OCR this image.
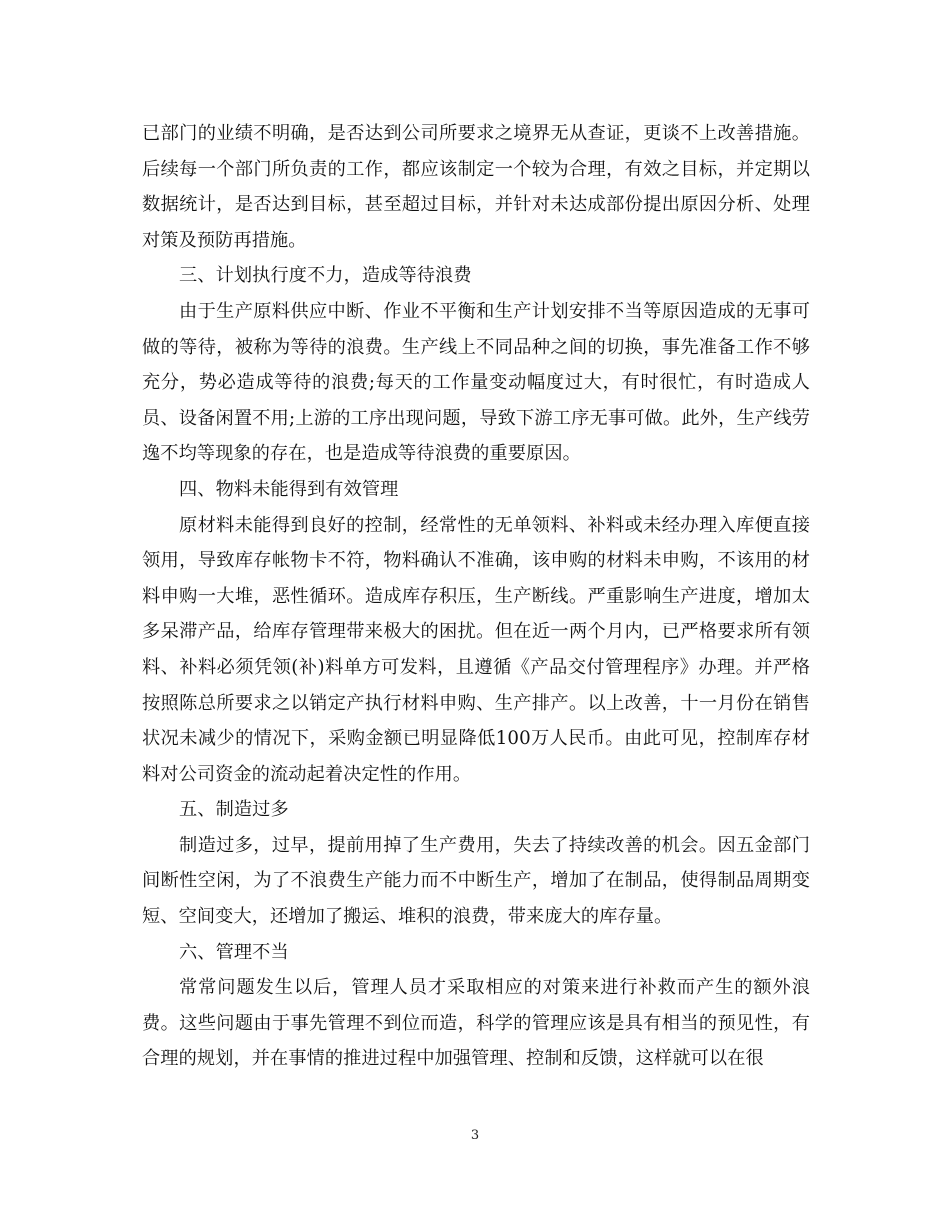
已部门的业绩不明确，是否达到公司所要求之境界无从查证，更谈不上改善措施。后续每一个部门所负责的工作，都应该制定一个较为合理，有效之目标，并定期以数据统计，是否达到目标，甚至超过目标，并针对未达成部份提出原因分析、处理对策及预防再措施。

三、计划执行度不力，造成等待浪费

由于生产原料供应中断、作业不平衡和生产计划安排不当等原因造成的无事可做的等待，被称为等待的浪费。生产线上不同品种之间的切换，事先准备工作不够充分，势必造成等待的浪费;每天的工作量变动幅度过大，有时很忙，有时造成人员、设备闲置不用;上游的工序出现问题，导致下游工序无事可做。此外，生产线劳逸不均等现象的存在，也是造成等待浪费的重要原因。

四、物料未能得到有效管理

原材料未能得到良好的控制，经常性的无单领料、补料或未经办理入库便直接领用，导致库存帐物卡不符，物料确认不准确，该申购的材料未申购，不该用的材料申购一大堆，恶性循环。造成库存积压，生产断线。严重影响生产进度，增加太多呆滞产品，给库存管理带来极大的困扰。但在近一两个月内，已严格要求所有领料、补料必须凭领(补)料单方可发料，且遵循《产品交付管理程序》办理。并严格按照陈总所要求之以销定产执行材料申购、生产排产。以上改善，十一月份在销售状况未减少的情况下，采购金额已明显降低100万人民币。由此可见，控制库存材料对公司资金的流动起着决定性的作用。

五、制造过多

制造过多，过早，提前用掉了生产费用，失去了持续改善的机会。因五金部门间断性空闲，为了不浪费生产能力而不中断生产，增加了在制品，使得制品周期变短、空间变大，还增加了搬运、堆积的浪费，带来庞大的库存量。

六、管理不当

常常问题发生以后，管理人员才采取相应的对策来进行补救而产生的额外浪费。这些问题由于事先管理不到位而造，科学的管理应该是具有相当的预见性，有合理的规划，并在事情的推进过程中加强管理、控制和反馈，这样就可以在很

3
